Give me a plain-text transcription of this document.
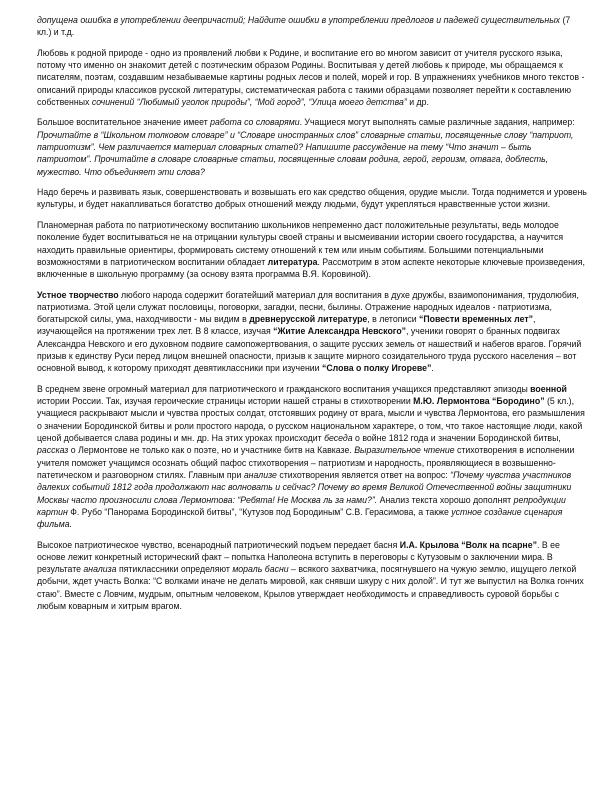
допущена ошибка в употреблении деепричастий; Найдите ошибки в употреблении предлогов и падежей существительных (7 кл.) и т.д.

Любовь к родной природе - одно из проявлений любви к Родине, и воспитание его во многом зависит от учителя русского языка, потому что именно он знакомит детей с поэтическим образом Родины. Воспитывая у детей любовь к природе, мы обращаемся к писателям, поэтам, создавшим незабываемые картины родных лесов и полей, морей и гор. В упражнениях учебников много текстов - описаний природы классиков русской литературы, систематическая работа с такими образцами позволяет перейти к составлению собственных сочинений “Любимый уголок природы”, “Мой город”, “Улица моего детства” и др.

Большое воспитательное значение имеет работа со словарями. Учащиеся могут выполнять самые различные задания, например: Прочитайте в “Школьном толковом словаре” и “Словаре иностранных слов” словарные статьи, посвященные слову “патриот, патриотизм”. Чем различается материал словарных статей? Напишите рассуждение на тему “Что значит – быть патриотом”. Прочитайте в словаре словарные статьи, посвященные словам родина, герой, героизм, отвага, доблесть, мужество. Что объединяет эти слова?

Надо беречь и развивать язык, совершенствовать и возвышать его как средство общения, орудие мысли. Тогда поднимется и уровень культуры, и будет накапливаться богатство добрых отношений между людьми, будут укрепляться нравственные устои жизни.

Планомерная работа по патриотическому воспитанию школьников непременно даст положительные результаты, ведь молодое поколение будет воспитываться не на отрицании культуры своей страны и высмеивании истории своего государства, а научится находить правильные ориентиры, формировать систему отношений к тем или иным событиям. Большими потенциальными возможностями в патриотическом воспитании обладает литература. Рассмотрим в этом аспекте некоторые ключевые произведения, включенные в школьную программу (за основу взята программа В.Я. Коровиной).

Устное творчество любого народа содержит богатейший материал для воспитания в духе дружбы, взаимопонимания, трудолюбия, патриотизма. Этой цели служат пословицы, поговорки, загадки, песни, былины. Отражение народных идеалов - патриотизма, богатырской силы, ума, находчивости - мы видим в древнерусской литературе, в летописи “Повести временных лет”, изучающейся на протяжении трех лет. В 8 классе, изучая “Житие Александра Невского”, ученики говорят о бранных подвигах Александра Невского и его духовном подвиге самопожертвования, о защите русских земель от нашествий и набегов врагов. Горячий призыв к единству Руси перед лицом внешней опасности, призыв к защите мирного созидательного труда русского населения – вот основной вывод, к которому приходят девятиклассники при изучении “Слова о полку Игореве”.

В среднем звене огромный материал для патриотического и гражданского воспитания учащихся представляют эпизоды военной истории России. Так, изучая героические страницы истории нашей страны в стихотворении М.Ю. Лермонтова “Бородино” (5 кл.), учащиеся раскрывают мысли и чувства простых солдат, отстоявших родину от врага, мысли и чувства Лермонтова, его размышления о значении Бородинской битвы и роли простого народа, о русском национальном характере, о том, что такое настоящие люди, какой ценой добывается слава родины и мн. др. На этих уроках происходит беседа о войне 1812 года и значении Бородинской битвы, рассказ о Лермонтове не только как о поэте, но и участнике битв на Кавказе. Выразительное чтение стихотворения в исполнении учителя поможет учащимся осознать общий пафос стихотворения – патриотизм и народность, проявляющиеся в возвышенно-патетическом и разговорном стилях. Главным при анализе стихотворения является ответ на вопрос: “Почему чувства участников далеких событий 1812 года продолжают нас волновать и сейчас? Почему во время Великой Отечественной войны защитники Москвы часто произносили слова Лермонтова: “Ребята! Не Москва ль за нами?”. Анализ текста хорошо дополнят репродукции картин Ф. Рубо “Панорама Бородинской битвы”, “Кутузов под Бородиным” С.В. Герасимова, а также устное создание сценария фильма.

Высокое патриотическое чувство, всенародный патриотический подъем передает басня И.А. Крылова “Волк на псарне”. В ее основе лежит конкретный исторический факт – попытка Наполеона вступить в переговоры с Кутузовым о заключении мира. В результате анализа пятиклассники определяют мораль басни – всякого захватчика, посягнувшего на чужую землю, ищущего легкой добычи, ждет участь Волка: “С волками иначе не делать мировой, как снявши шкуру с них долой”. И тут же выпустил на Волка гончих стаю”. Вместе с Ловчим, мудрым, опытным человеком, Крылов утверждает необходимость и справедливость суровой борьбы с любым коварным и хитрым врагом.
